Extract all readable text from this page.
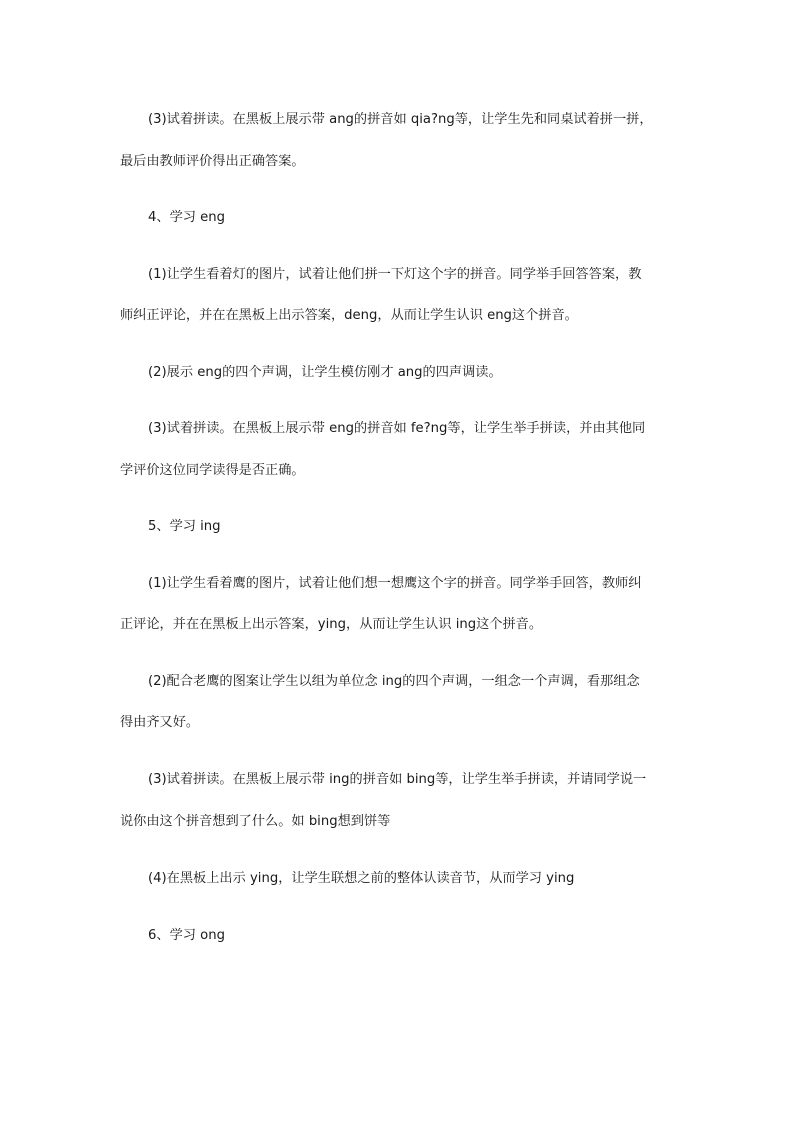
(3)试着拼读。在黑板上展示带 ang的拼音如 qia?ng等，让学生先和同桌试着拼一拼，
最后由教师评价得出正确答案。
4、学习 eng
(1)让学生看着灯的图片，试着让他们拼一下灯这个字的拼音。同学举手回答答案，教
师纠正评论，并在在黑板上出示答案，deng，从而让学生认识 eng这个拼音。
(2)展示 eng的四个声调，让学生模仿刚才 ang的四声调读。
(3)试着拼读。在黑板上展示带 eng的拼音如 fe?ng等，让学生举手拼读，并由其他同
学评价这位同学读得是否正确。
5、学习 ing
(1)让学生看着鹰的图片，试着让他们想一想鹰这个字的拼音。同学举手回答，教师纠
正评论，并在在黑板上出示答案，ying，从而让学生认识 ing这个拼音。
(2)配合老鹰的图案让学生以组为单位念 ing的四个声调，一组念一个声调，看那组念
得由齐又好。
(3)试着拼读。在黑板上展示带 ing的拼音如 bing等，让学生举手拼读，并请同学说一
说你由这个拼音想到了什么。如 bing想到饼等
(4)在黑板上出示 ying，让学生联想之前的整体认读音节，从而学习 ying
6、学习 ong
